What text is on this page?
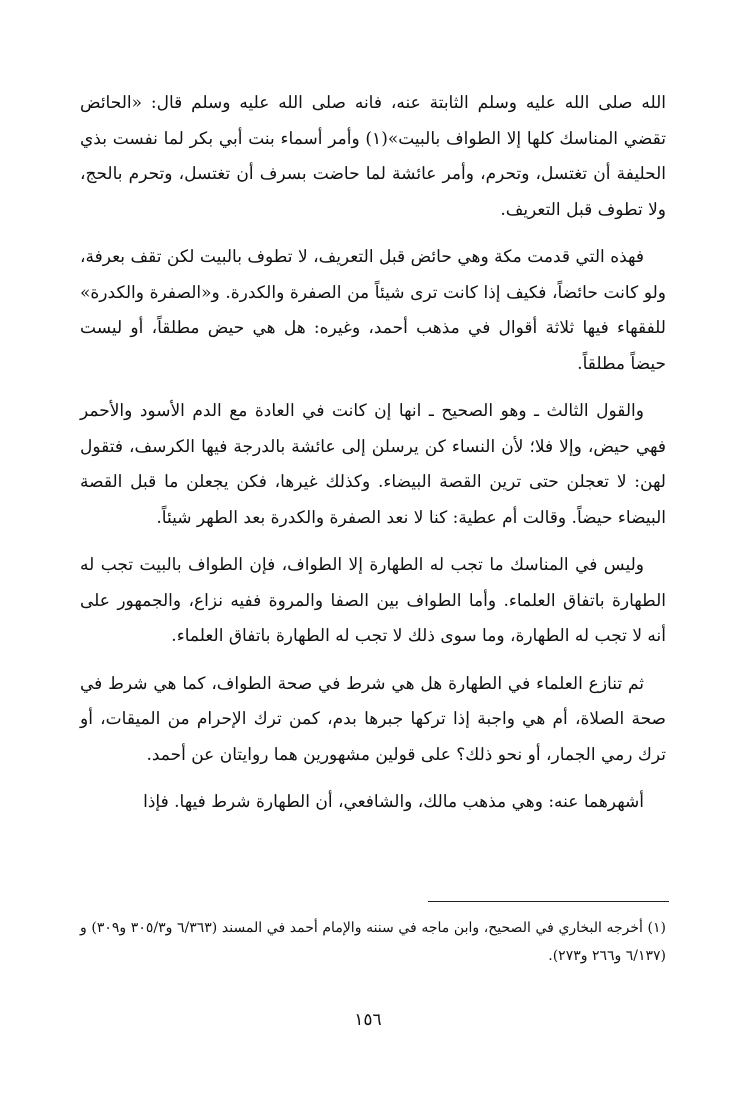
الله صلى الله عليه وسلم الثابتة عنه، فانه صلى الله عليه وسلم قال: «الحائض تقضي المناسك كلها إلا الطواف بالبيت»(١) وأمر أسماء بنت أبي بكر لما نفست بذي الحليفة أن تغتسل، وتحرم، وأمر عائشة لما حاضت بسرف أن تغتسل، وتحرم بالحج، ولا تطوف قبل التعريف.

فهذه التي قدمت مكة وهي حائض قبل التعريف، لا تطوف بالبيت لكن تقف بعرفة، ولو كانت حائضاً، فكيف إذا كانت ترى شيئاً من الصفرة والكدرة. و«الصفرة والكدرة» للفقهاء فيها ثلاثة أقوال في مذهب أحمد، وغيره: هل هي حيض مطلقاً، أو ليست حيضاً مطلقاً.

والقول الثالث ـ وهو الصحيح ـ انها إن كانت في العادة مع الدم الأسود والأحمر فهي حيض، وإلا فلا؛ لأن النساء كن يرسلن إلى عائشة بالدرجة فيها الكرسف، فتقول لهن: لا تعجلن حتى ترين القصة البيضاء. وكذلك غيرها، فكن يجعلن ما قبل القصة البيضاء حيضاً. وقالت أم عطية: كنا لا نعد الصفرة والكدرة بعد الطهر شيئاً.

وليس في المناسك ما تجب له الطهارة إلا الطواف، فإن الطواف بالبيت تجب له الطهارة باتفاق العلماء. وأما الطواف بين الصفا والمروة ففيه نزاع، والجمهور على أنه لا تجب له الطهارة، وما سوى ذلك لا تجب له الطهارة باتفاق العلماء.

ثم تنازع العلماء في الطهارة هل هي شرط في صحة الطواف، كما هي شرط في صحة الصلاة، أم هي واجبة إذا تركها جبرها بدم، كمن ترك الإحرام من الميقات، أو ترك رمي الجمار، أو نحو ذلك؟ على قولين مشهورين هما روايتان عن أحمد.

أشهرهما عنه: وهي مذهب مالك، والشافعي، أن الطهارة شرط فيها. فإذا

(١) أخرجه البخاري في الصحيح، وابن ماجه في سننه والإمام أحمد في المسند (٦/٣٦٣ و٣٠٥/٣ و٣٠٩) و (٦/١٣٧ و٢٦٦ و٢٧٣).

١٥٦
